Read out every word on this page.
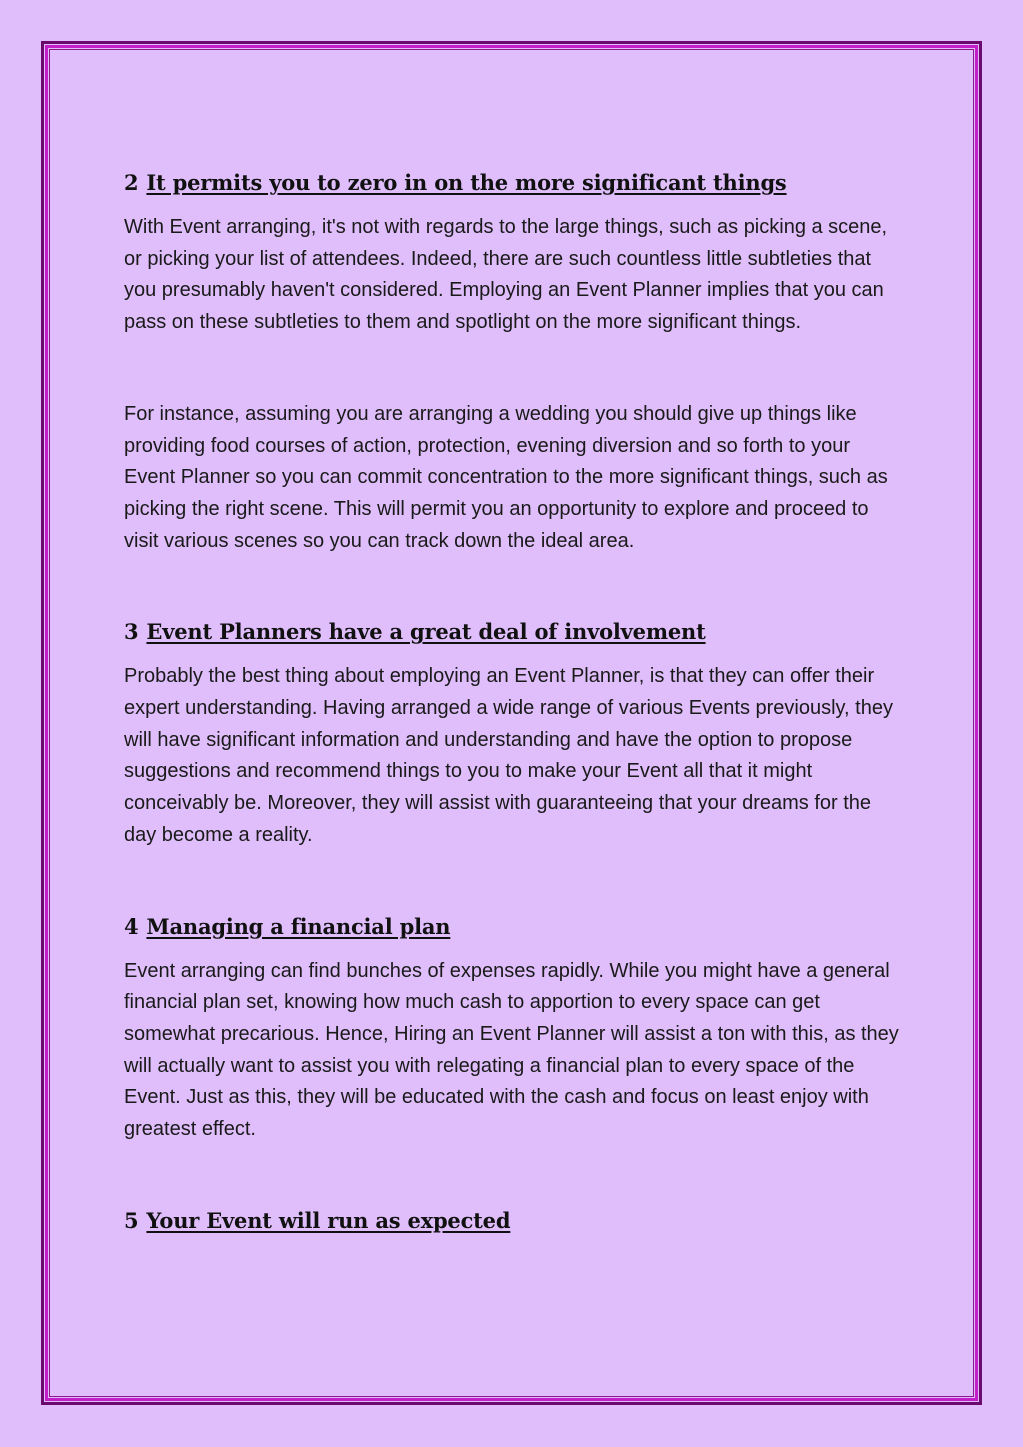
2 It permits you to zero in on the more significant things

With Event arranging, it's not with regards to the large things, such as picking a scene, or picking your list of attendees. Indeed, there are such countless little subtleties that you presumably haven't considered. Employing an Event Planner implies that you can pass on these subtleties to them and spotlight on the more significant things.

For instance, assuming you are arranging a wedding you should give up things like providing food courses of action, protection, evening diversion and so forth to your Event Planner so you can commit concentration to the more significant things, such as picking the right scene. This will permit you an opportunity to explore and proceed to visit various scenes so you can track down the ideal area.

3 Event Planners have a great deal of involvement

Probably the best thing about employing an Event Planner, is that they can offer their expert understanding. Having arranged a wide range of various Events previously, they will have significant information and understanding and have the option to propose suggestions and recommend things to you to make your Event all that it might conceivably be. Moreover, they will assist with guaranteeing that your dreams for the day become a reality.

4 Managing a financial plan

Event arranging can find bunches of expenses rapidly. While you might have a general financial plan set, knowing how much cash to apportion to every space can get somewhat precarious. Hence, Hiring an Event Planner will assist a ton with this, as they will actually want to assist you with relegating a financial plan to every space of the Event. Just as this, they will be educated with the cash and focus on least enjoy with greatest effect.

5 Your Event will run as expected
